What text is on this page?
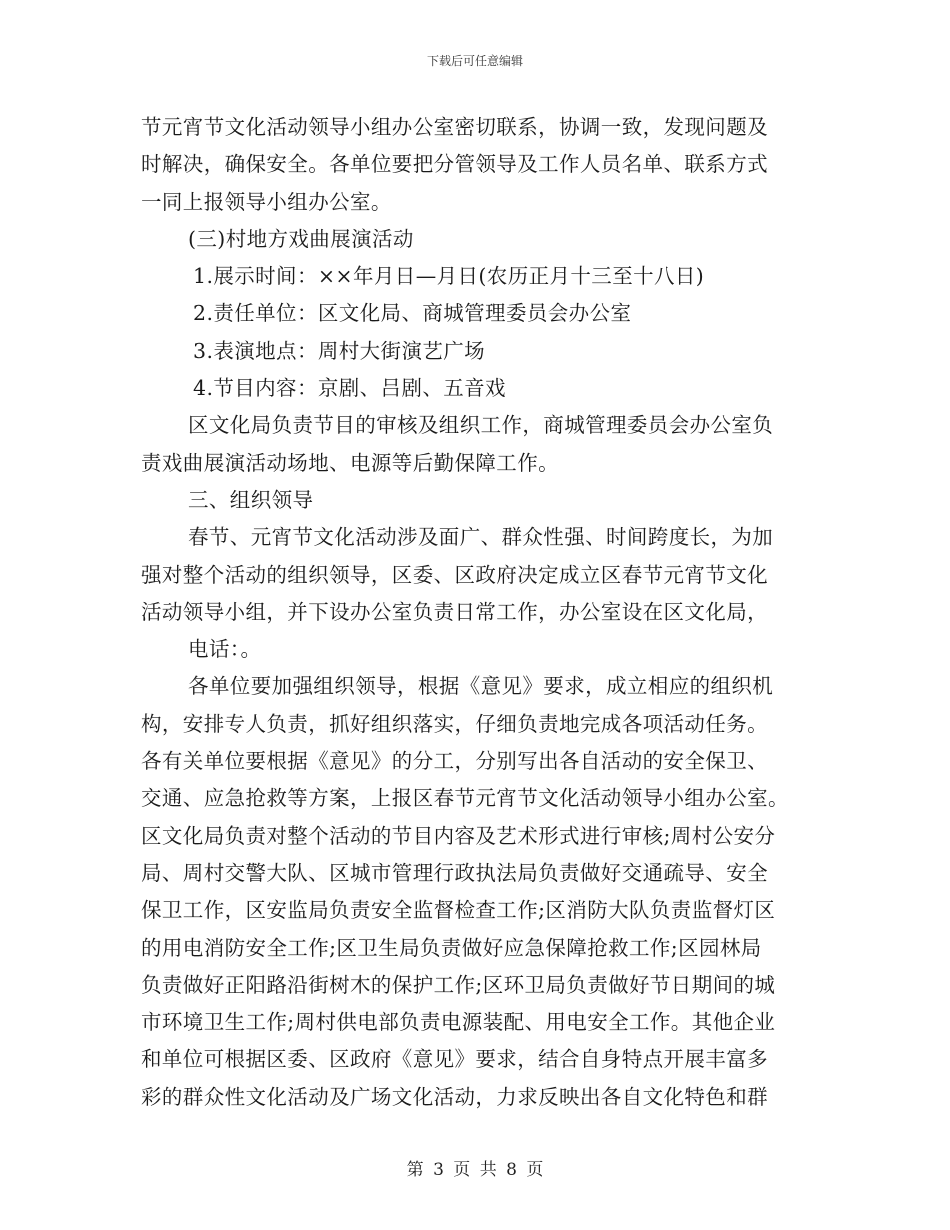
下载后可任意编辑
节元宵节文化活动领导小组办公室密切联系，协调一致，发现问题及
时解决，确保安全。各单位要把分管领导及工作人员名单、联系方式
一同上报领导小组办公室。
(三)村地方戏曲展演活动
1.展示时间：××年月日—月日(农历正月十三至十八日)
2.责任单位：区文化局、商城管理委员会办公室
3.表演地点：周村大街演艺广场
4.节目内容：京剧、吕剧、五音戏
区文化局负责节目的审核及组织工作，商城管理委员会办公室负
责戏曲展演活动场地、电源等后勤保障工作。
三、组织领导
春节、元宵节文化活动涉及面广、群众性强、时间跨度长，为加
强对整个活动的组织领导，区委、区政府决定成立区春节元宵节文化
活动领导小组，并下设办公室负责日常工作，办公室设在区文化局，
电话：。
各单位要加强组织领导，根据《意见》要求，成立相应的组织机
构，安排专人负责，抓好组织落实，仔细负责地完成各项活动任务。
各有关单位要根据《意见》的分工，分别写出各自活动的安全保卫、
交通、应急抢救等方案，上报区春节元宵节文化活动领导小组办公室。
区文化局负责对整个活动的节目内容及艺术形式进行审核;周村公安分
局、周村交警大队、区城市管理行政执法局负责做好交通疏导、安全
保卫工作，区安监局负责安全监督检查工作;区消防大队负责监督灯区
的用电消防安全工作;区卫生局负责做好应急保障抢救工作;区园林局
负责做好正阳路沿街树木的保护工作;区环卫局负责做好节日期间的城
市环境卫生工作;周村供电部负责电源装配、用电安全工作。其他企业
和单位可根据区委、区政府《意见》要求，结合自身特点开展丰富多
彩的群众性文化活动及广场文化活动，力求反映出各自文化特色和群
第 3 页 共 8 页
